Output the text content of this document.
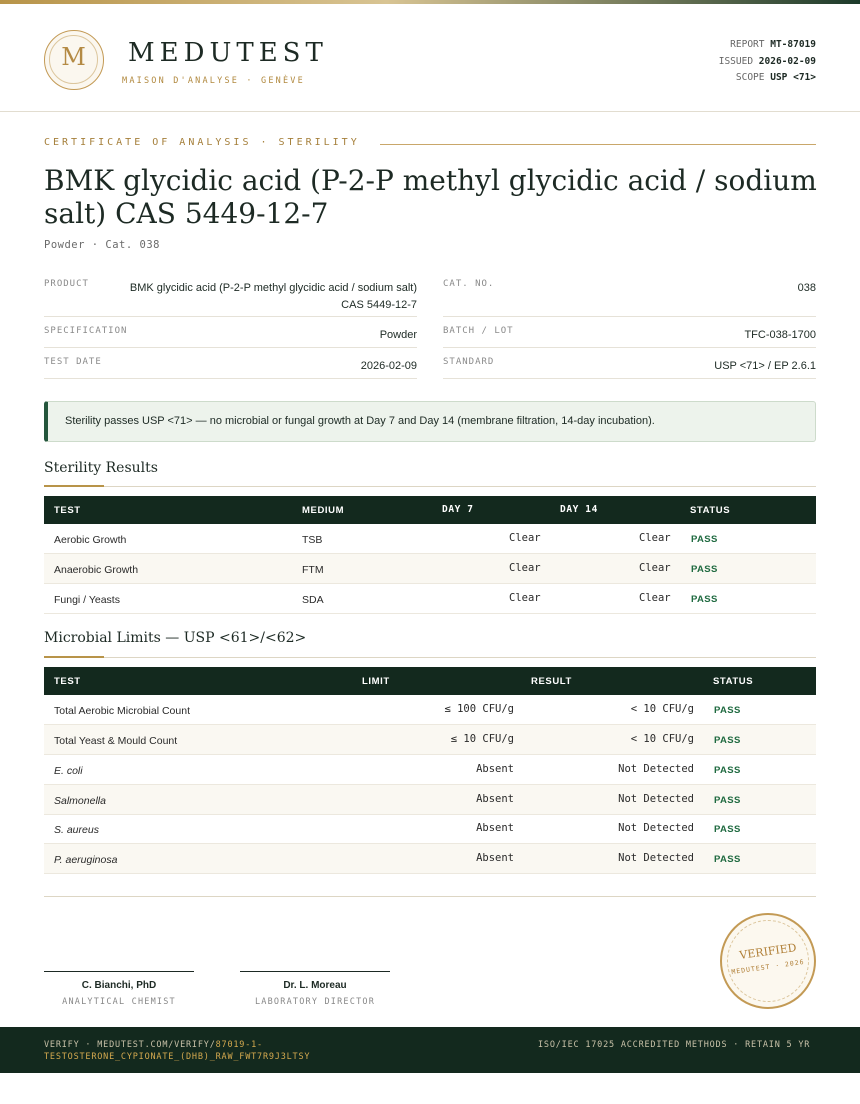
M	MEDUTEST
MAISON D'ANALYSE · GENÈVE
REPORT MT-87019
ISSUED 2026-02-09
SCOPE USP <71>
CERTIFICATE OF ANALYSIS · STERILITY
BMK glycidic acid (P-2-P methyl glycidic acid / sodium salt) CAS 5449-12-7
Powder · Cat. 038
PRODUCT	BMK glycidic acid (P-2-P methyl glycidic acid / sodium salt) CAS 5449-12-7
CAT. NO.	038
SPECIFICATION	Powder	BATCH / LOT	TFC-038-1700
TEST DATE	2026-02-09	STANDARD	USP <71> / EP 2.6.1
Sterility passes USP <71> — no microbial or fungal growth at Day 7 and Day 14 (membrane filtration, 14-day incubation).
Sterility Results
TEST	MEDIUM	DAY 7	DAY 14	STATUS
Aerobic Growth	TSB	Clear	Clear PASS
Anaerobic Growth	FTM	Clear	Clear PASS
Fungi / Yeasts	SDA	Clear	Clear PASS
Microbial Limits — USP <61>/<62>
TEST	LIMIT	RESULT	STATUS
Total Aerobic Microbial Count	≤ 100 CFU/g	< 10 CFU/g PASS
Total Yeast & Mould Count	≤ 10 CFU/g	< 10 CFU/g PASS
E. coli	Absent	Not Detected PASS
Salmonella	Absent	Not Detected PASS
S. aureus	Absent	Not Detected PASS
P. aeruginosa	Absent	Not Detected PASS
C. Bianchi, PhD
ANALYTICAL CHEMIST
Dr. L. Moreau
LABORATORY DIRECTOR
VERIFIED
MEDUTEST · 2026
VERIFY · MEDUTEST.COM/VERIFY/87019-1-TESTOSTERONE_CYPIONATE_(DHB)_RAW_FWT7R9J3LTSY
ISO/IEC 17025 ACCREDITED METHODS · RETAIN 5 YR
